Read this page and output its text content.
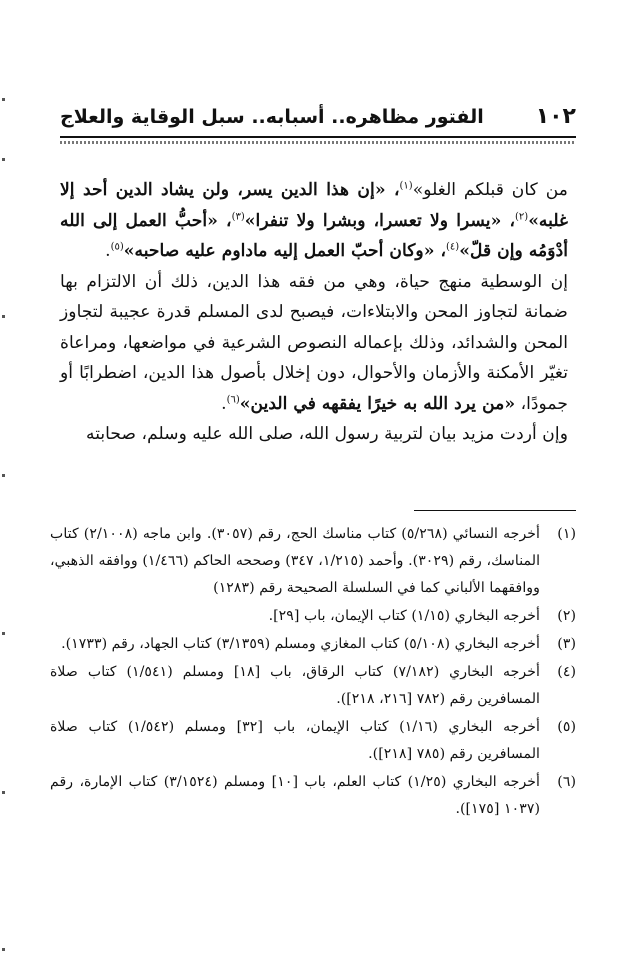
١٠٢
الفتور مظاهره.. أسبابه.. سبل الوقاية والعلاج

من كان قبلكم الغلو»$^{(١)}$، «إن هذا الدين يسر، ولن يشاد الدين أحد إلا غلبه»$^{(٢)}$، «يسرا ولا تعسرا، وبشرا ولا تنفرا»$^{(٣)}$، «أحبُّ العمل إلى الله أدْوَمُه وإن قلّ»$^{(٤)}$، «وكان أحبّ العمل إليه ماداوم عليه صاحبه»$^{(٥)}$.

إن الوسطية منهج حياة، وهي من فقه هذا الدين، ذلك أن الالتزام بها ضمانة لتجاوز المحن والابتلاءات، فيصبح لدى المسلم قدرة عجيبة لتجاوز المحن والشدائد، وذلك بإعماله النصوص الشرعية في مواضعها، ومراعاة تغيّر الأمكنة والأزمان والأحوال، دون إخلال بأصول هذا الدين، اضطرابًا أو جمودًا، «من يرد الله به خيرًا يفقهه في الدين»$^{(٦)}$.

وإن أردت مزيد بيان لتربية رسول الله، صلى الله عليه وسلم، صحابته

(١)
أخرجه النسائي (٥/٢٦٨) كتاب مناسك الحج، رقم (٣٠٥٧). وابن ماجه (٢/١٠٠٨) كتاب المناسك، رقم (٣٠٢٩). وأحمد (١/٢١٥، ٣٤٧) وصححه الحاكم (١/٤٦٦) ووافقه الذهبي، ووافقهما الألباني كما في السلسلة الصحيحة رقم (١٢٨٣)
(٢)
أخرجه البخاري (١/١٥) كتاب الإيمان، باب [٢٩].
(٣)
أخرجه البخاري (٥/١٠٨) كتاب المغازي ومسلم (٣/١٣٥٩) كتاب الجهاد، رقم (١٧٣٣).
(٤)
أخرجه البخاري (٧/١٨٢) كتاب الرقاق، باب [١٨] ومسلم (١/٥٤١) كتاب صلاة المسافرين رقم (٧٨٢ [٢١٦، ٢١٨]).
(٥)
أخرجه البخاري (١/١٦) كتاب الإيمان، باب [٣٢] ومسلم (١/٥٤٢) كتاب صلاة المسافرين رقم (٧٨٥ [٢١٨]).
(٦)
أخرجه البخاري (١/٢٥) كتاب العلم، باب [١٠] ومسلم (٣/١٥٢٤) كتاب الإمارة، رقم (١٠٣٧ [١٧٥]).
